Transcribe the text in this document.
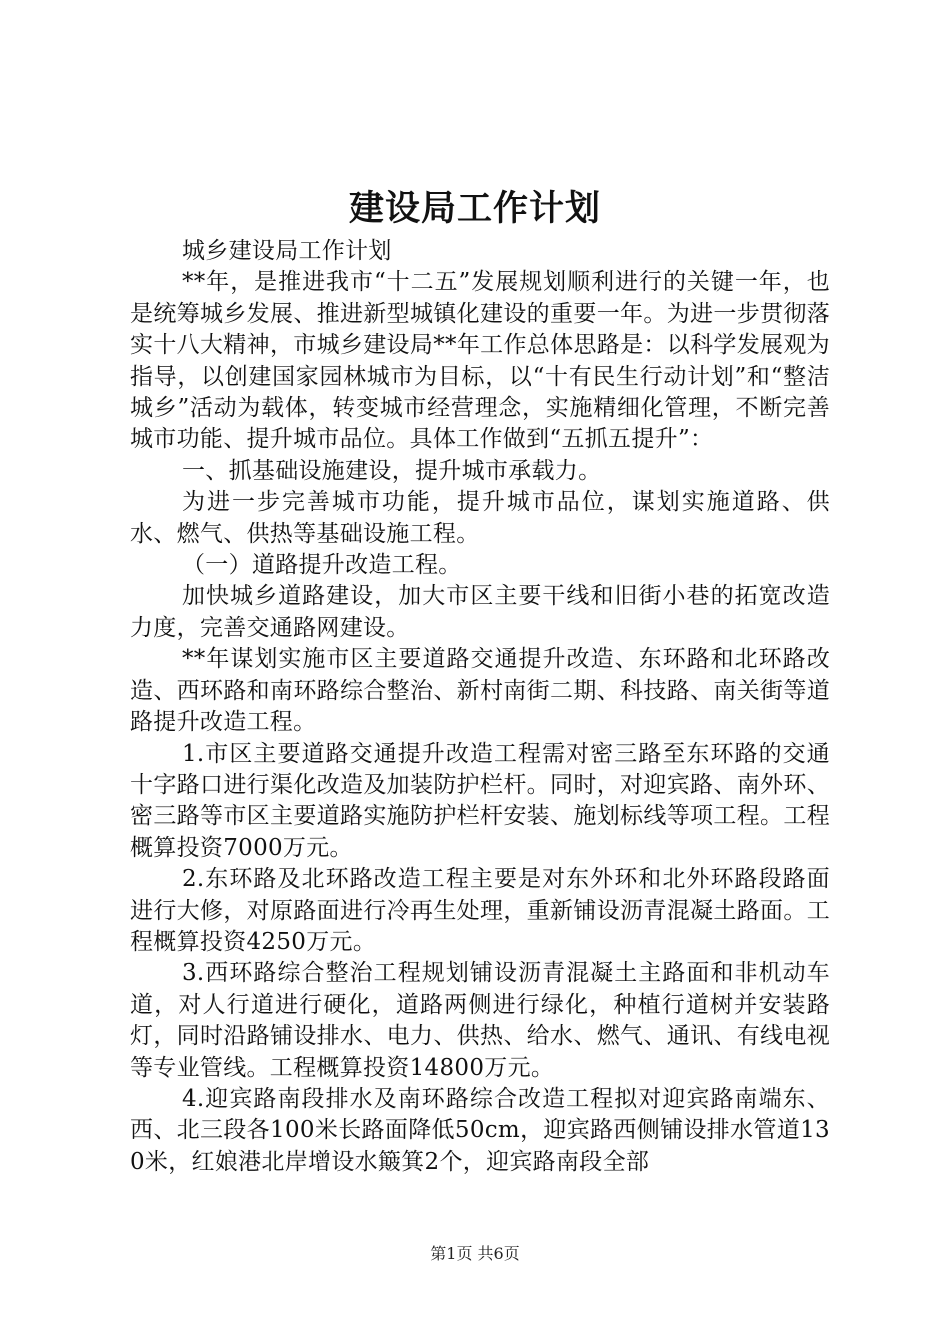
建设局工作计划

城乡建设局工作计划

**年，是推进我市“十二五”发展规划顺利进行的关键一年，也是统筹城乡发展、推进新型城镇化建设的重要一年。为进一步贯彻落实十八大精神，市城乡建设局**年工作总体思路是：以科学发展观为指导，以创建国家园林城市为目标，以“十有民生行动计划”和“整洁城乡”活动为载体，转变城市经营理念，实施精细化管理，不断完善城市功能、提升城市品位。具体工作做到“五抓五提升”：

一、抓基础设施建设，提升城市承载力。

为进一步完善城市功能，提升城市品位，谋划实施道路、供水、燃气、供热等基础设施工程。

（一）道路提升改造工程。

加快城乡道路建设，加大市区主要干线和旧街小巷的拓宽改造力度，完善交通路网建设。

**年谋划实施市区主要道路交通提升改造、东环路和北环路改造、西环路和南环路综合整治、新村南街二期、科技路、南关街等道路提升改造工程。

1.市区主要道路交通提升改造工程需对密三路至东环路的交通十字路口进行渠化改造及加装防护栏杆。同时，对迎宾路、南外环、密三路等市区主要道路实施防护栏杆安装、施划标线等项工程。工程概算投资7000万元。

2.东环路及北环路改造工程主要是对东外环和北外环路段路面进行大修，对原路面进行冷再生处理，重新铺设沥青混凝土路面。工程概算投资4250万元。

3.西环路综合整治工程规划铺设沥青混凝土主路面和非机动车道，对人行道进行硬化，道路两侧进行绿化，种植行道树并安装路灯，同时沿路铺设排水、电力、供热、给水、燃气、通讯、有线电视等专业管线。工程概算投资14800万元。

4.迎宾路南段排水及南环路综合改造工程拟对迎宾路南端东、西、北三段各100米长路面降低50cm，迎宾路西侧铺设排水管道130米，红娘港北岸增设水簸箕2个，迎宾路南段全部

第1页 共6页
